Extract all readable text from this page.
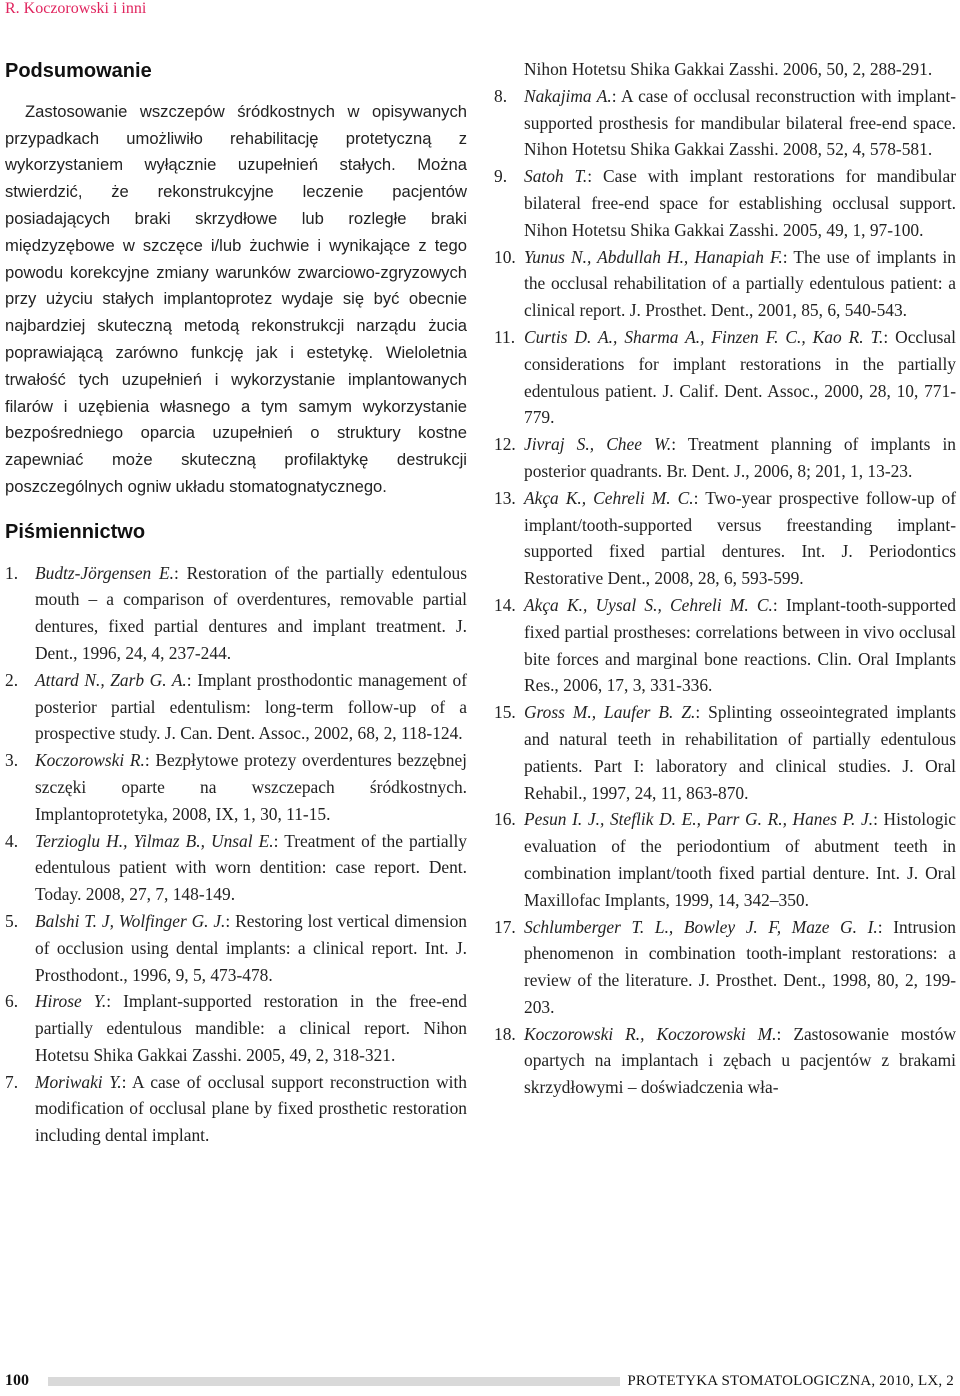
R. Koczorowski i inni
Podsumowanie
Zastosowanie wszczepów śródkostnych w opisywanych przypadkach umożliwiło rehabilitację protetyczną z wykorzystaniem wyłącznie uzupełnień stałych. Można stwierdzić, że rekonstrukcyjne leczenie pacjentów posiadających braki skrzydłowe lub rozległe braki międzyzębowe w szczęce i/lub żuchwie i wynikające z tego powodu korekcyjne zmiany warunków zwarciowo-zgryzowych przy użyciu stałych implantoprotez wydaje się być obecnie najbardziej skuteczną metodą rekonstrukcji narządu żucia poprawiającą zarówno funkcję jak i estetykę. Wieloletnia trwałość tych uzupełnień i wykorzystanie implantowanych filarów i uzębienia własnego a tym samym wykorzystanie bezpośredniego oparcia uzupełnień o struktury kostne zapewniać może skuteczną profilaktykę destrukcji poszczególnych ogniw układu stomatognatycznego.
Piśmiennictwo
1. Budtz-Jörgensen E.: Restoration of the partially edentulous mouth – a comparison of overdentures, removable partial dentures, fixed partial dentures and implant treatment. J. Dent., 1996, 24, 4, 237-244.
2. Attard N., Zarb G. A.: Implant prosthodontic management of posterior partial edentulism: long-term follow-up of a prospective study. J. Can. Dent. Assoc., 2002, 68, 2, 118-124.
3. Koczorowski R.: Bezpłytowe protezy overdentures bezzębnej szczęki oparte na wszczepach śródkostnych. Implantoprotetyka, 2008, IX, 1, 30, 11-15.
4. Terzioglu H., Yilmaz B., Unsal E.: Treatment of the partially edentulous patient with worn dentition: case report. Dent. Today. 2008, 27, 7, 148-149.
5. Balshi T. J, Wolfinger G. J.: Restoring lost vertical dimension of occlusion using dental implants: a clinical report. Int. J. Prosthodont., 1996, 9, 5, 473-478.
6. Hirose Y.: Implant-supported restoration in the free-end partially edentulous mandible: a clinical report. Nihon Hotetsu Shika Gakkai Zasshi. 2005, 49, 2, 318-321.
7. Moriwaki Y.: A case of occlusal support reconstruction with modification of occlusal plane by fixed prosthetic restoration including dental implant.
Nihon Hotetsu Shika Gakkai Zasshi. 2006, 50, 2, 288-291.
8. Nakajima A.: A case of occlusal reconstruction with implant-supported prosthesis for mandibular bilateral free-end space. Nihon Hotetsu Shika Gakkai Zasshi. 2008, 52, 4, 578-581.
9. Satoh T.: Case with implant restorations for mandibular bilateral free-end space for establishing occlusal support. Nihon Hotetsu Shika Gakkai Zasshi. 2005, 49, 1, 97-100.
10. Yunus N., Abdullah H., Hanapiah F.: The use of implants in the occlusal rehabilitation of a partially edentulous patient: a clinical report. J. Prosthet. Dent., 2001, 85, 6, 540-543.
11. Curtis D. A., Sharma A., Finzen F. C., Kao R. T.: Occlusal considerations for implant restorations in the partially edentulous patient. J. Calif. Dent. Assoc., 2000, 28, 10, 771-779.
12. Jivraj S., Chee W.: Treatment planning of implants in posterior quadrants. Br. Dent. J., 2006, 8; 201, 1, 13-23.
13. Akça K., Cehreli M. C.: Two-year prospective follow-up of implant/tooth-supported versus freestanding implant-supported fixed partial dentures. Int. J. Periodontics Restorative Dent., 2008, 28, 6, 593-599.
14. Akça K., Uysal S., Cehreli M. C.: Implant-tooth-supported fixed partial prostheses: correlations between in vivo occlusal bite forces and marginal bone reactions. Clin. Oral Implants Res., 2006, 17, 3, 331-336.
15. Gross M., Laufer B. Z.: Splinting osseointegrated implants and natural teeth in rehabilitation of partially edentulous patients. Part I: laboratory and clinical studies. J. Oral Rehabil., 1997, 24, 11, 863-870.
16. Pesun I. J., Steflik D. E., Parr G. R., Hanes P. J.: Histologic evaluation of the periodontium of abutment teeth in combination implant/tooth fixed partial denture. Int. J. Oral Maxillofac Implants, 1999, 14, 342–350.
17. Schlumberger T. L., Bowley J. F, Maze G. I.: Intrusion phenomenon in combination tooth-implant restorations: a review of the literature. J. Prosthet. Dent., 1998, 80, 2, 199-203.
18. Koczorowski R., Koczorowski M.: Zastosowanie mostów opartych na implantach i zębach u pacjentów z brakami skrzydłowymi – doświadczenia wła-
100	PROTETYKA STOMATOLOGICZNA, 2010, LX, 2
